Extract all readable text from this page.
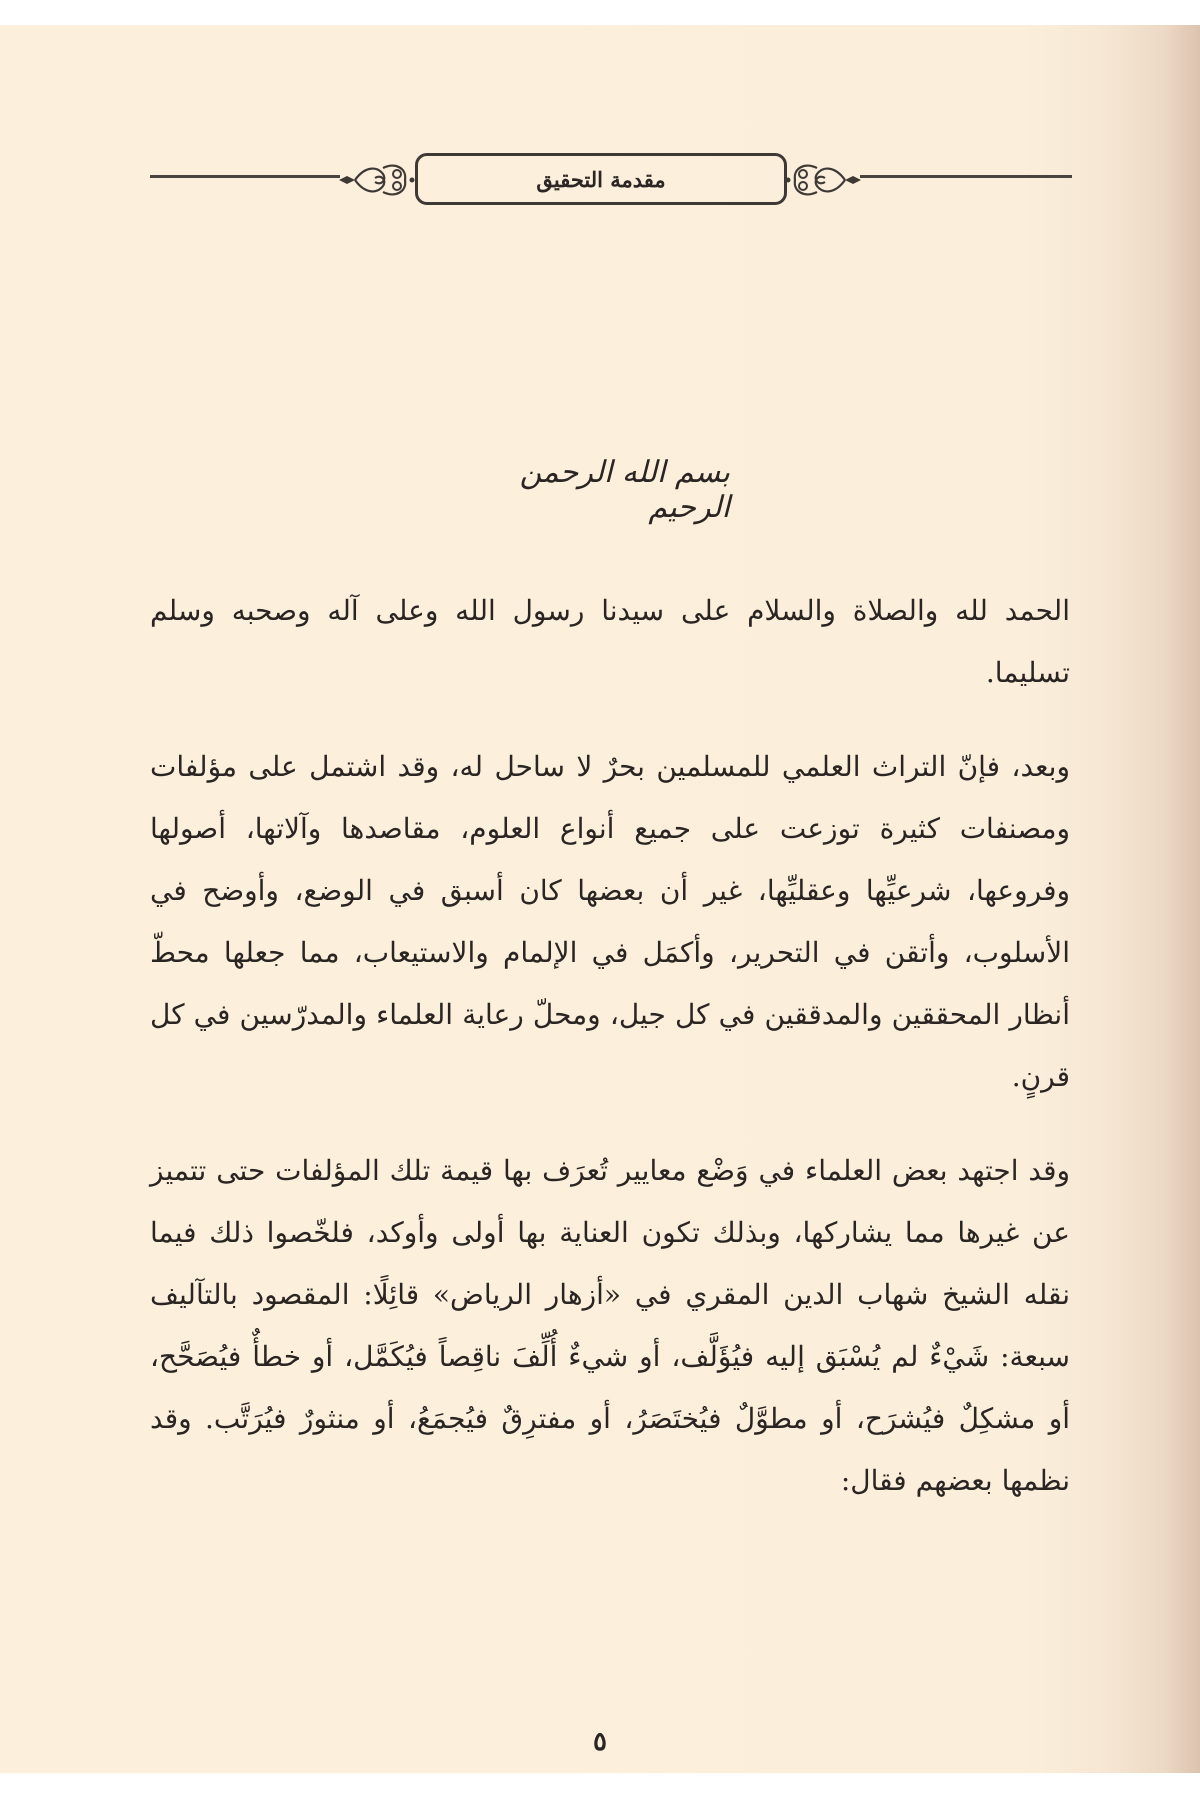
مقدمة التحقيق
بسم الله الرحمن الرحيم

الحمد لله والصلاة والسلام على سيدنا رسول الله وعلى آله وصحبه وسلم تسليما.

وبعد، فإنّ التراث العلمي للمسلمين بحرٌ لا ساحل له، وقد اشتمل على مؤلفات ومصنفات كثيرة توزعت على جميع أنواع العلوم، مقاصدها وآلاتها، أصولها وفروعها، شرعيِّها وعقليِّها، غير أن بعضها كان أسبق في الوضع، وأوضح في الأسلوب، وأتقن في التحرير، وأكمَل في الإلمام والاستيعاب، مما جعلها محطّ أنظار المحققين والمدققين في كل جيل، ومحلّ رعاية العلماء والمدرّسين في كل قرنٍ.

وقد اجتهد بعض العلماء في وَضْع معايير تُعرَف بها قيمة تلك المؤلفات حتى تتميز عن غيرها مما يشاركها، وبذلك تكون العناية بها أولى وأوكد، فلخّصوا ذلك فيما نقله الشيخ شهاب الدين المقري في «أزهار الرياض» قائِلًا: المقصود بالتآليف سبعة: شَيْءٌ لم يُسْبَق إليه فيُؤَلَّف، أو شيءٌ أُلِّفَ ناقِصاً فيُكَمَّل، أو خطأٌ فيُصَحَّح، أو مشكِلٌ فيُشرَح، أو مطوَّلٌ فيُختَصَرُ، أو مفترِقٌ فيُجمَعُ، أو منثورٌ فيُرَتَّب. وقد نظمها بعضهم فقال:

٥
